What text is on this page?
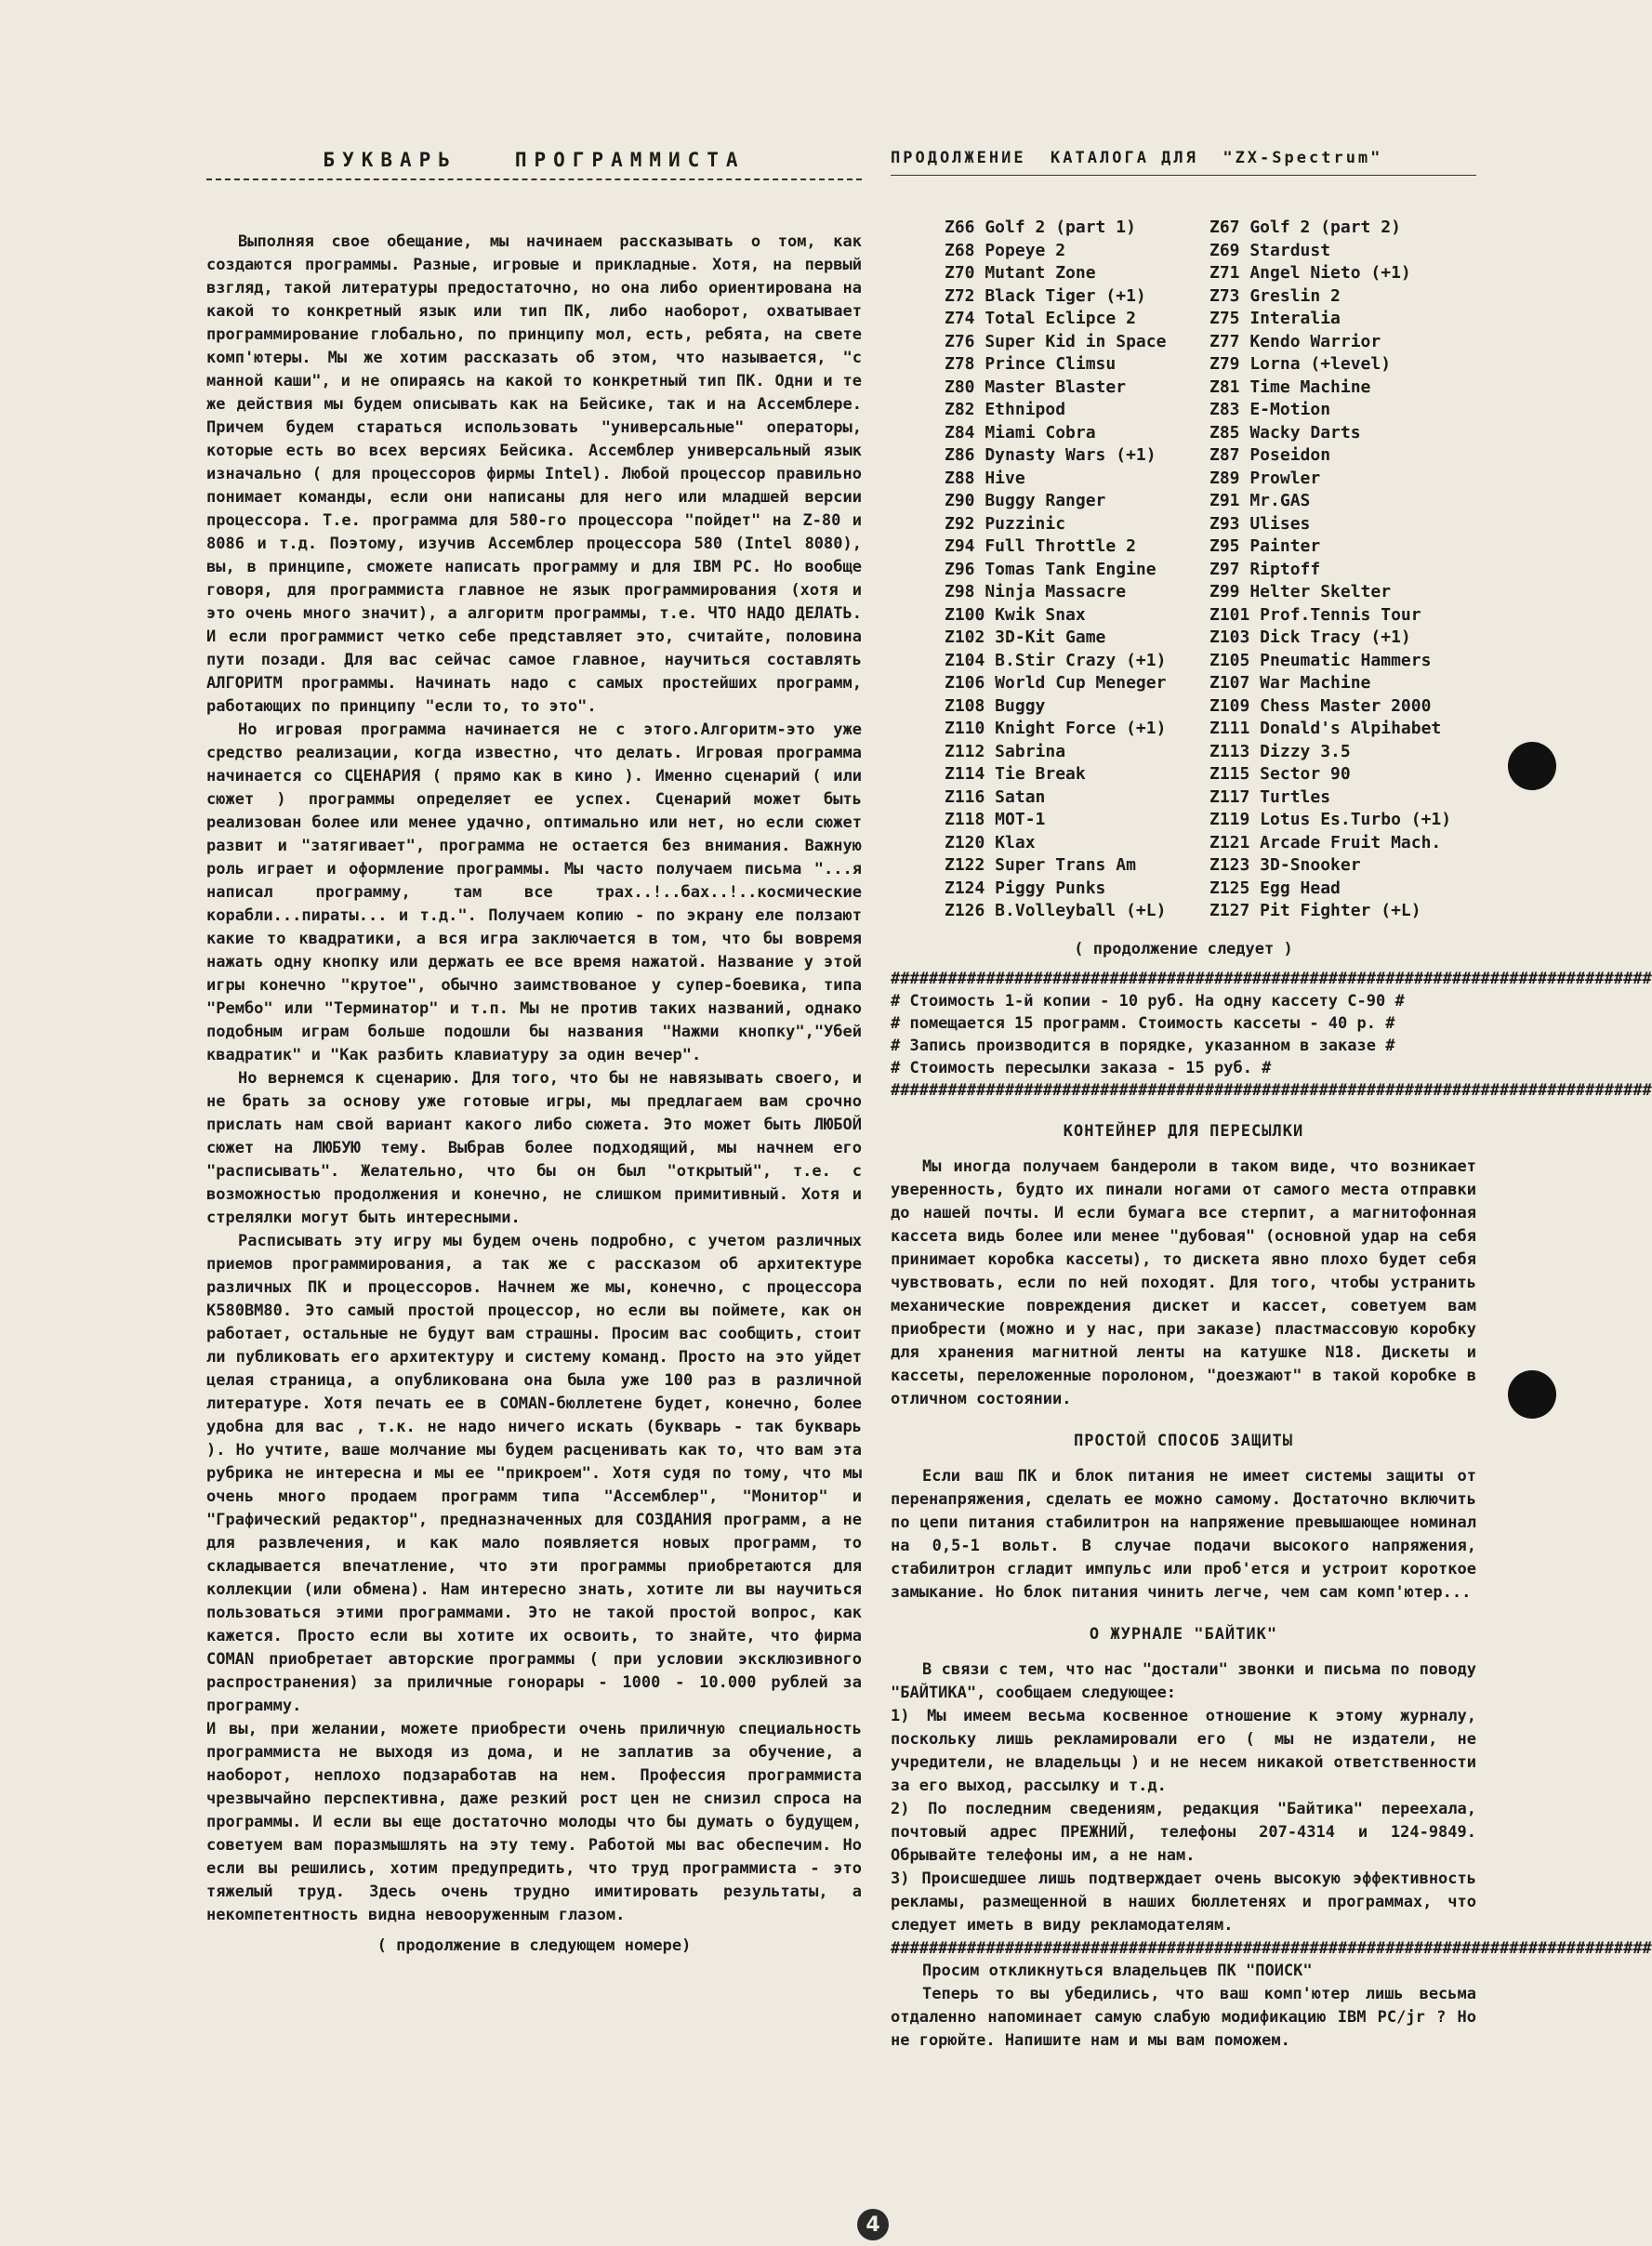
БУКВАРЬ   ПРОГРАММИСТА

Выполняя свое обещание, мы начинаем рассказывать о том, как создаются программы. Разные, игровые и прикладные. Хотя, на первый взгляд, такой литературы предостаточно, но она либо ориентирована на какой то конкретный язык или тип ПК, либо наоборот, охватывает программирование глобально, по принципу мол, есть, ребята, на свете комп'ютеры. Мы же хотим рассказать об этом, что называется, "с манной каши", и не опираясь на какой то конкретный тип ПК. Одни и те же действия мы будем описывать как на Бейсике, так и на Ассемблере. Причем будем стараться использовать "универсальные" операторы, которые есть во всех версиях Бейсика. Ассемблер универсальный язык изначально ( для процессоров фирмы Intel). Любой процессор правильно понимает команды, если они написаны для него или младшей версии процессора. Т.е. программа для 580-го процессора "пойдет" на Z-80 и 8086 и т.д. Поэтому, изучив Ассемблер процессора 580 (Intel 8080), вы, в принципе, сможете написать программу и для IBM PC. Но вообще говоря, для программиста главное не язык программирования (хотя и это очень много значит), а алгоритм программы, т.е. ЧТО НАДО ДЕЛАТЬ. И если программист четко себе представляет это, считайте, половина пути позади. Для вас сейчас самое главное, научиться составлять АЛГОРИТМ программы. Начинать надо с самых простейших программ, работающих по принципу "если то, то это".

Но игровая программа начинается не с этого.Алгоритм-это уже средство реализации, когда известно, что делать. Игровая программа начинается со СЦЕНАРИЯ ( прямо как в кино ). Именно сценарий ( или сюжет ) программы определяет ее успех. Сценарий может быть реализован более или менее удачно, оптимально или нет, но если сюжет развит и "затягивает", программа не остается без внимания. Важную роль играет и оформление программы. Мы часто получаем письма "...я написал программу, там все трах..!..бах..!..космические корабли...пираты... и т.д.". Получаем копию - по экрану еле ползают какие то квадратики, а вся игра заключается в том, что бы вовремя нажать одну кнопку или держать ее все время нажатой. Название у этой игры конечно "крутое", обычно заимствованое у супер-боевика, типа "Рембо" или "Терминатор" и т.п. Мы не против таких названий, однако подобным играм больше подошли бы названия "Нажми кнопку","Убей квадратик" и "Как разбить клавиатуру за один вечер".

Но вернемся к сценарию. Для того, что бы не навязывать своего, и не брать за основу уже готовые игры, мы предлагаем вам срочно прислать нам свой вариант какого либо сюжета. Это может быть ЛЮБОЙ сюжет на ЛЮБУЮ тему. Выбрав более подходящий, мы начнем его "расписывать". Желательно, что бы он был "открытый", т.е. с возможностью продолжения и конечно, не слишком примитивный. Хотя и стрелялки могут быть интересными.

Расписывать эту игру мы будем очень подробно, с учетом различных приемов программирования, а так же с рассказом об архитектуре различных ПК и процессоров. Начнем же мы, конечно, с процессора К580ВМ80. Это самый простой процессор, но если вы поймете, как он работает, остальные не будут вам страшны. Просим вас сообщить, стоит ли публиковать его архитектуру и систему команд. Просто на это уйдет целая страница, а опубликована она была уже 100 раз в различной литературе. Хотя печать ее в COMAN-бюллетене будет, конечно, более удобна для вас , т.к. не надо ничего искать (букварь - так букварь ). Но учтите, ваше молчание мы будем расценивать как то, что вам эта рубрика не интересна и мы ее "прикроем". Хотя судя по тому, что мы очень много продаем программ типа "Ассемблер", "Монитор" и "Графический редактор", предназначенных для СОЗДАНИЯ программ, а не для развлечения, и как мало появляется новых программ, то складывается впечатление, что эти программы приобретаются для коллекции (или обмена). Нам интересно знать, хотите ли вы научиться пользоваться этими программами. Это не такой простой вопрос, как кажется. Просто если вы хотите их освоить, то знайте, что фирма COMAN приобретает авторские программы ( при условии эксклюзивного распространения) за приличные гонорары - 1000 - 10.000 рублей за программу.

И вы, при желании, можете приобрести очень приличную специальность программиста не выходя из дома, и не заплатив за обучение, а наоборот, неплохо подзаработав на нем. Профессия программиста чрезвычайно перспективна, даже резкий рост цен не снизил спроса на программы. И если вы еще достаточно молоды что бы думать о будущем, советуем вам поразмышлять на эту тему. Работой мы вас обеспечим. Но если вы решились, хотим предупредить, что труд программиста - это тяжелый труд. Здесь очень трудно имитировать результаты, а некомпетентность видна невооруженным глазом.

( продолжение в следующем номере)
ПРОДОЛЖЕНИЕ  КАТАЛОГА ДЛЯ  "ZX-Spectrum"
Z66 Golf 2 (part 1)	Z67 Golf 2 (part 2)
Z68 Popeye 2	Z69 Stardust
Z70 Mutant Zone	Z71 Angel Nieto (+1)
Z72 Black Tiger (+1)	Z73 Greslin 2
Z74 Total Eclipce 2	Z75 Interalia
Z76 Super Kid in Space	Z77 Kendo Warrior
Z78 Prince Climsu	Z79 Lorna (+level)
Z80 Master Blaster	Z81 Time Machine
Z82 Ethnipod	Z83 E-Motion
Z84 Miami Cobra	Z85 Wacky Darts
Z86 Dynasty Wars (+1)	Z87 Poseidon
Z88 Hive	Z89 Prowler
Z90 Buggy Ranger	Z91 Mr.GAS
Z92 Puzzinic	Z93 Ulises
Z94 Full Throttle 2	Z95 Painter
Z96 Tomas Tank Engine	Z97 Riptoff
Z98 Ninja Massacre	Z99 Helter Skelter
Z100 Kwik Snax	Z101 Prof.Tennis Tour
Z102 3D-Kit Game	Z103 Dick Tracy (+1)
Z104 B.Stir Crazy (+1)	Z105 Pneumatic Hammers
Z106 World Cup Meneger	Z107 War Machine
Z108 Buggy	Z109 Chess Master 2000
Z110 Knight Force (+1)	Z111 Donald's Alpihabet
Z112 Sabrina	Z113 Dizzy 3.5
Z114 Tie Break	Z115 Sector 90
Z116 Satan	Z117 Turtles
Z118 MOT-1	Z119 Lotus Es.Turbo (+1)
Z120 Klax	Z121 Arcade Fruit Mach.
Z122 Super Trans Am	Z123 3D-Snooker
Z124 Piggy Punks	Z125 Egg Head
Z126 B.Volleyball (+L)	Z127 Pit Fighter (+L)
( продолжение следует )
################################################################################
# Стоимость 1-й копии - 10 руб. На одну кассету С-90 #
# помещается 15 программ. Стоимость кассеты - 40 р. #
# Запись производится в порядке, указанном в заказе #
# Стоимость пересылки заказа - 15 руб. #
################################################################################
КОНТЕЙНЕР ДЛЯ ПЕРЕСЫЛКИ

Мы иногда получаем бандероли в таком виде, что возникает уверенность, будто их пинали ногами от самого места отправки до нашей почты. И если бумага все стерпит, а магнитофонная кассета видь более или менее "дубовая" (основной удар на себя принимает коробка кассеты), то дискета явно плохо будет себя чувствовать, если по ней походят. Для того, чтобы устранить механические повреждения дискет и кассет, советуем вам приобрести (можно и у нас, при заказе) пластмассовую коробку для хранения магнитной ленты на катушке N18. Дискеты и кассеты, переложенные поролоном, "доезжают" в такой коробке в отличном состоянии.

ПРОСТОЙ СПОСОБ ЗАЩИТЫ

Если ваш ПК и блок питания не имеет системы защиты от перенапряжения, сделать ее можно самому. Достаточно включить по цепи питания стабилитрон на напряжение превышающее номинал на 0,5-1 вольт. В случае подачи высокого напряжения, стабилитрон сгладит импульс или проб'ется и устроит короткое замыкание. Но блок питания чинить легче, чем сам комп'ютер...

О ЖУРНАЛЕ "БАЙТИК"

В связи с тем, что нас "достали" звонки и письма по поводу "БАЙТИКА", сообщаем следующее:

1) Мы имеем весьма косвенное отношение к этому журналу, поскольку лишь рекламировали его ( мы не издатели, не учредители, не владельцы ) и не несем никакой ответственности за его выход, рассылку и т.д.

2) По последним сведениям, редакция "Байтика" переехала, почтовый адрес ПРЕЖНИЙ, телефоны 207-4314 и 124-9849. Обрывайте телефоны им, а не нам.

3) Происшедшее лишь подтверждает очень высокую эффективность рекламы, размещенной в наших бюллетенях и программах, что следует иметь в виду рекламодателям.

################################################################################

Просим откликнуться владельцев ПК "ПОИСК"

Теперь то вы убедились, что ваш комп'ютер лишь весьма отдаленно напоминает самую слабую модификацию IBM PC/jr ? Но не горюйте. Напишите нам и мы вам поможем.

4
